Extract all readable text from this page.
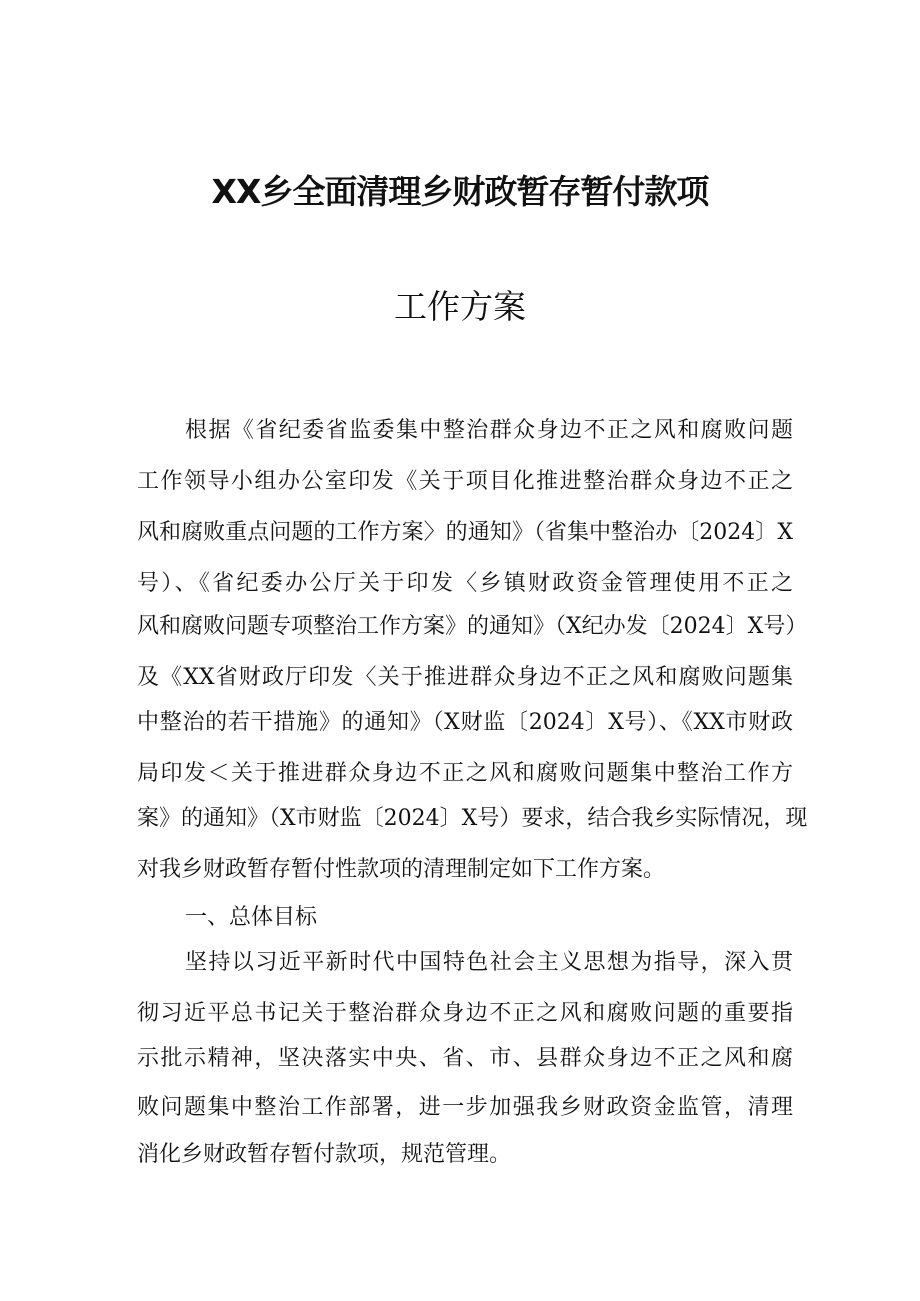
XX乡全面清理乡财政暂存暂付款项
工作方案
根据《省纪委省监委集中整治群众身边不正之风和腐败问题
工作领导小组办公室印发《关于项目化推进整治群众身边不正之
风和腐败重点问题的工作方案〉的通知》（省集中整治办〔2024〕X
号）、《省纪委办公厅关于印发〈乡镇财政资金管理使用不正之
风和腐败问题专项整治工作方案》的通知》（X纪办发〔2024〕X号）
及《XX省财政厅印发〈关于推进群众身边不正之风和腐败问题集
中整治的若干措施》的通知》（X财监〔2024〕X号）、《XX市财政
局印发＜关于推进群众身边不正之风和腐败问题集中整治工作方
案》的通知》（X市财监〔2024〕X号）要求，结合我乡实际情况，现
对我乡财政暂存暂付性款项的清理制定如下工作方案。
一、总体目标
坚持以习近平新时代中国特色社会主义思想为指导，深入贯
彻习近平总书记关于整治群众身边不正之风和腐败问题的重要指
示批示精神，坚决落实中央、省、市、县群众身边不正之风和腐
败问题集中整治工作部署，进一步加强我乡财政资金监管，清理
消化乡财政暂存暂付款项，规范管理。
